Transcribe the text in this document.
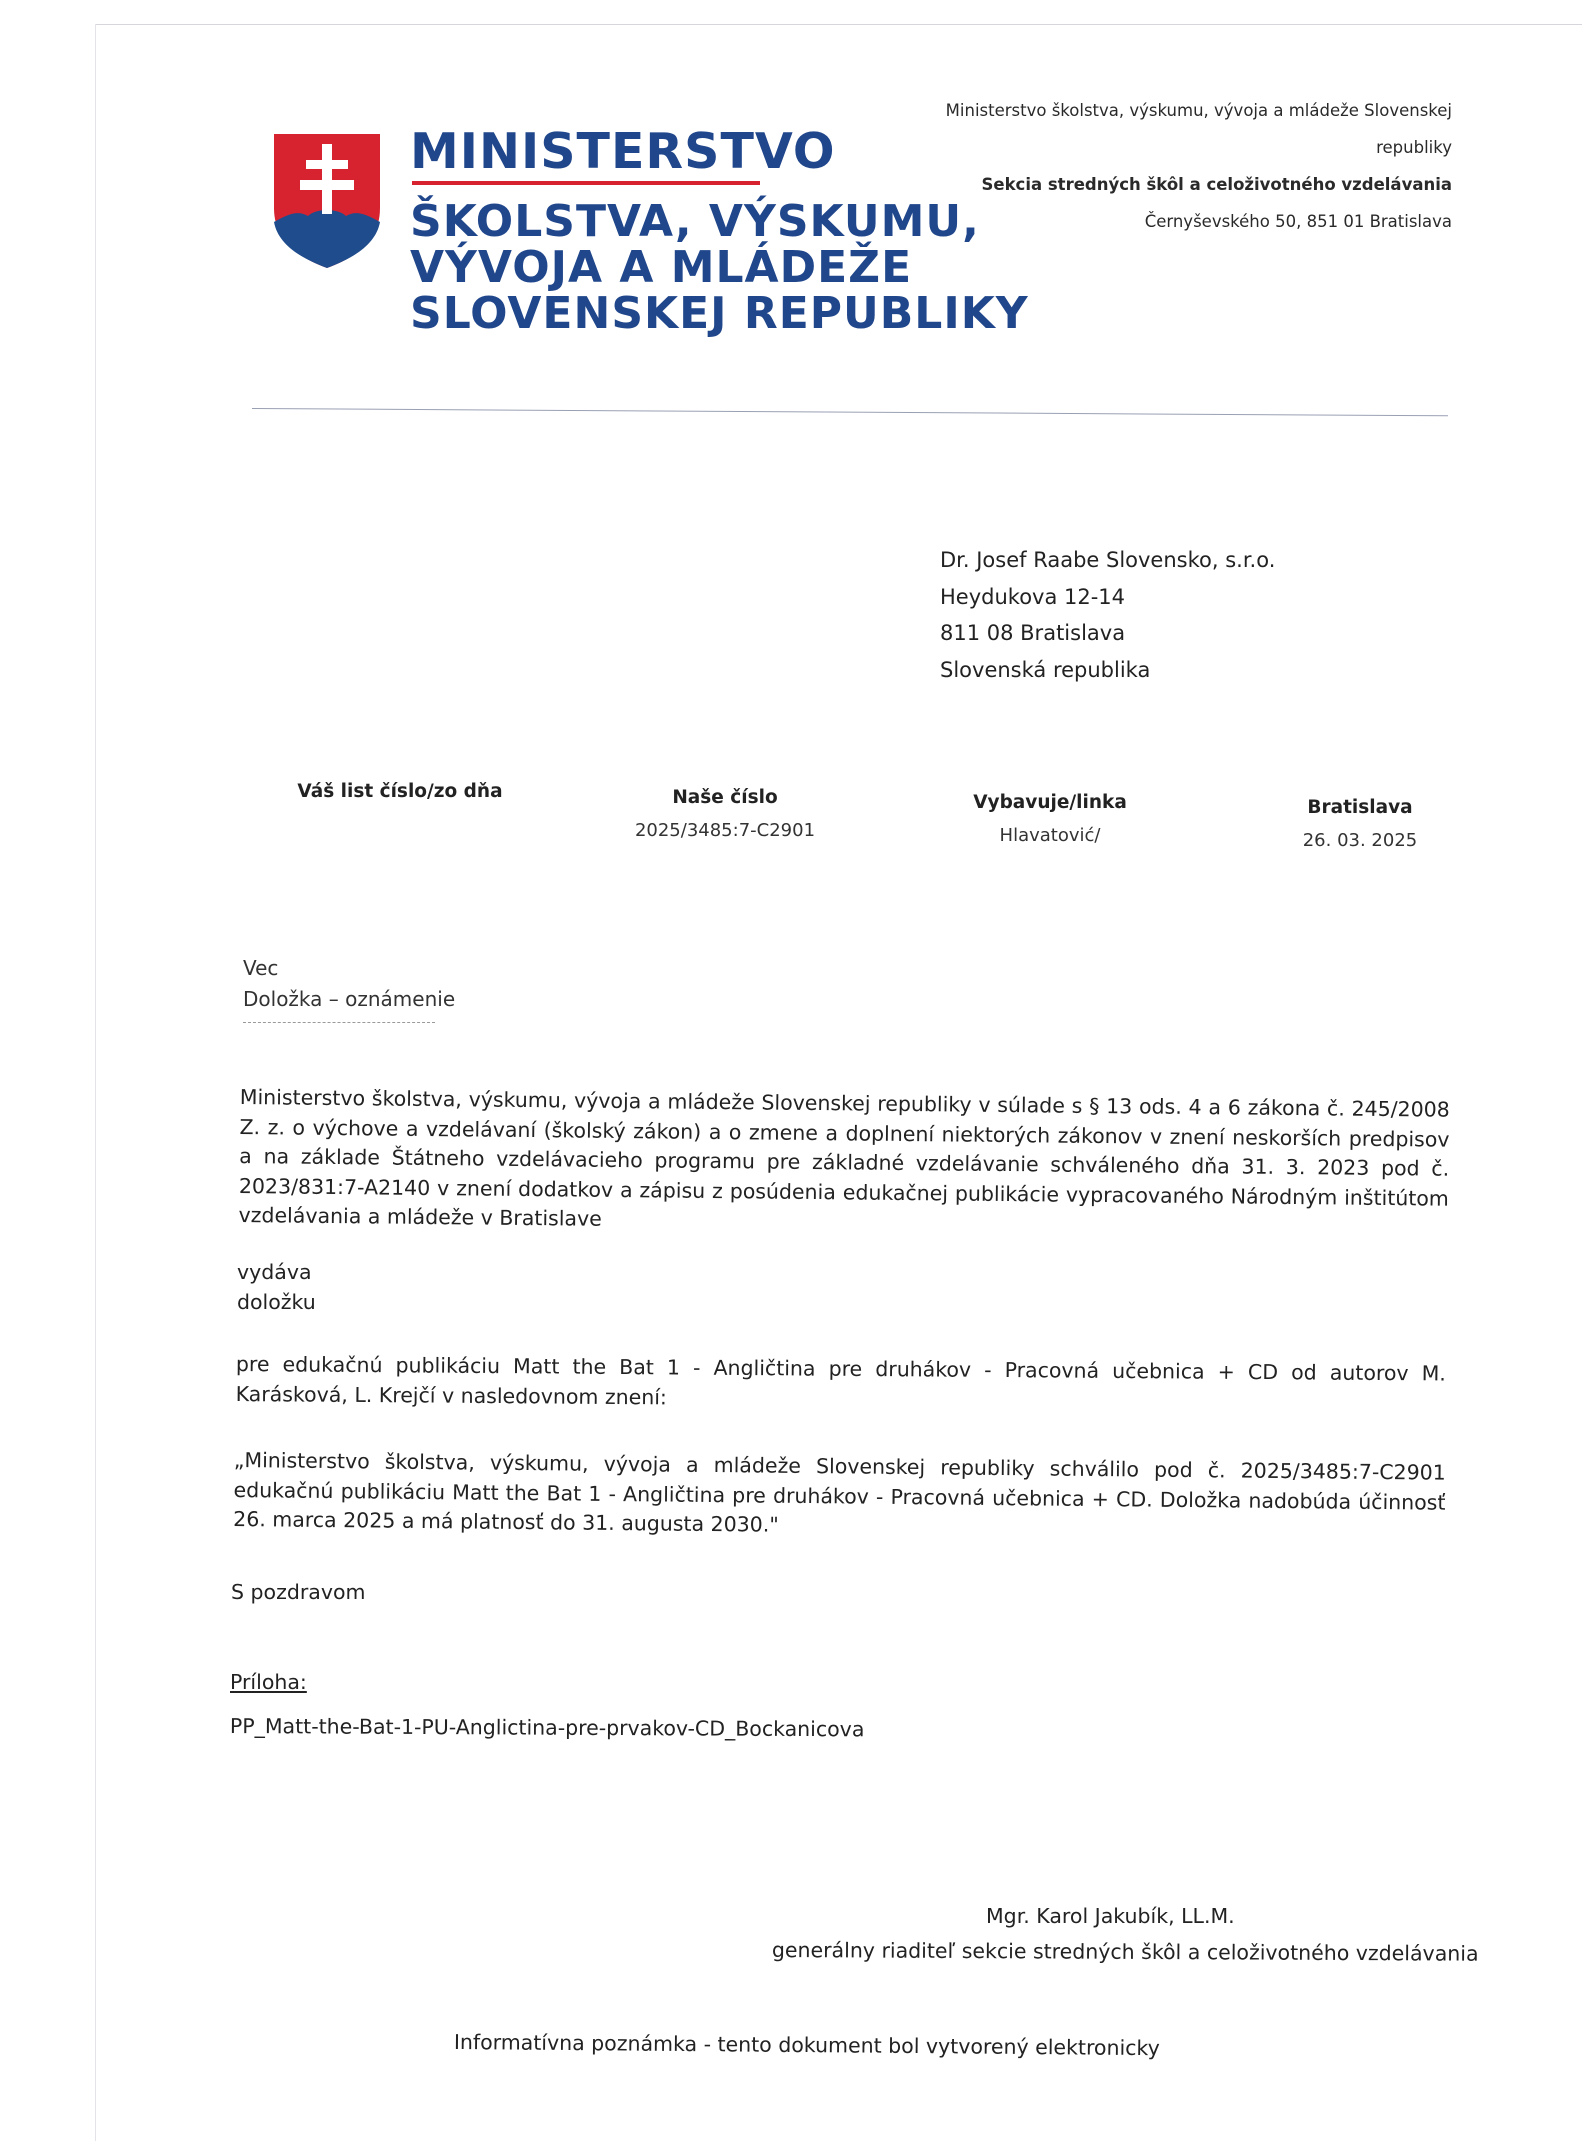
MINISTERSTVO
ŠKOLSTVA, VÝSKUMU,
VÝVOJA A MLÁDEŽE
SLOVENSKEJ REPUBLIKY
Ministerstvo školstva, výskumu, vývoja a mládeže Slovenskej
republiky
Sekcia stredných škôl a celoživotného vzdelávania
Černyševského 50, 851 01 Bratislava
Dr. Josef Raabe Slovensko, s.r.o.
Heydukova 12-14
811 08 Bratislava
Slovenská republika
Váš list číslo/zo dňa	Naše číslo
2025/3485:7-C2901
Vybavuje/linka
Hlavatović/
Bratislava
26. 03. 2025
Vec
Doložka – oznámenie
Ministerstvo školstva, výskumu, vývoja a mládeže Slovenskej republiky v súlade s § 13 ods. 4 a 6 zákona č. 245/2008 Z. z. o výchove a vzdelávaní (školský zákon) a o zmene a doplnení niektorých zákonov v znení neskorších predpisov a na základe Štátneho vzdelávacieho programu pre základné vzdelávanie schváleného dňa 31. 3. 2023 pod č. 2023/831:7-A2140 v znení dodatkov a zápisu z posúdenia edukačnej publikácie vypracovaného Národným inštitútom vzdelávania a mládeže v Bratislave
vydáva
doložku
pre edukačnú publikáciu Matt the Bat 1 - Angličtina pre druhákov - Pracovná učebnica + CD od autorov M. Karásková, L. Krejčí v nasledovnom znení:
„Ministerstvo školstva, výskumu, vývoja a mládeže Slovenskej republiky schválilo pod č. 2025/3485:7-C2901 edukačnú publikáciu Matt the Bat 1 - Angličtina pre druhákov - Pracovná učebnica + CD. Doložka nadobúda účinnosť 26. marca 2025 a má platnosť do 31. augusta 2030."
S pozdravom
Príloha:
PP_Matt-the-Bat-1-PU-Anglictina-pre-prvakov-CD_Bockanicova
Mgr. Karol Jakubík, LL.M.
generálny riaditeľ sekcie stredných škôl a celoživotného vzdelávania
Informatívna poznámka - tento dokument bol vytvorený elektronicky
